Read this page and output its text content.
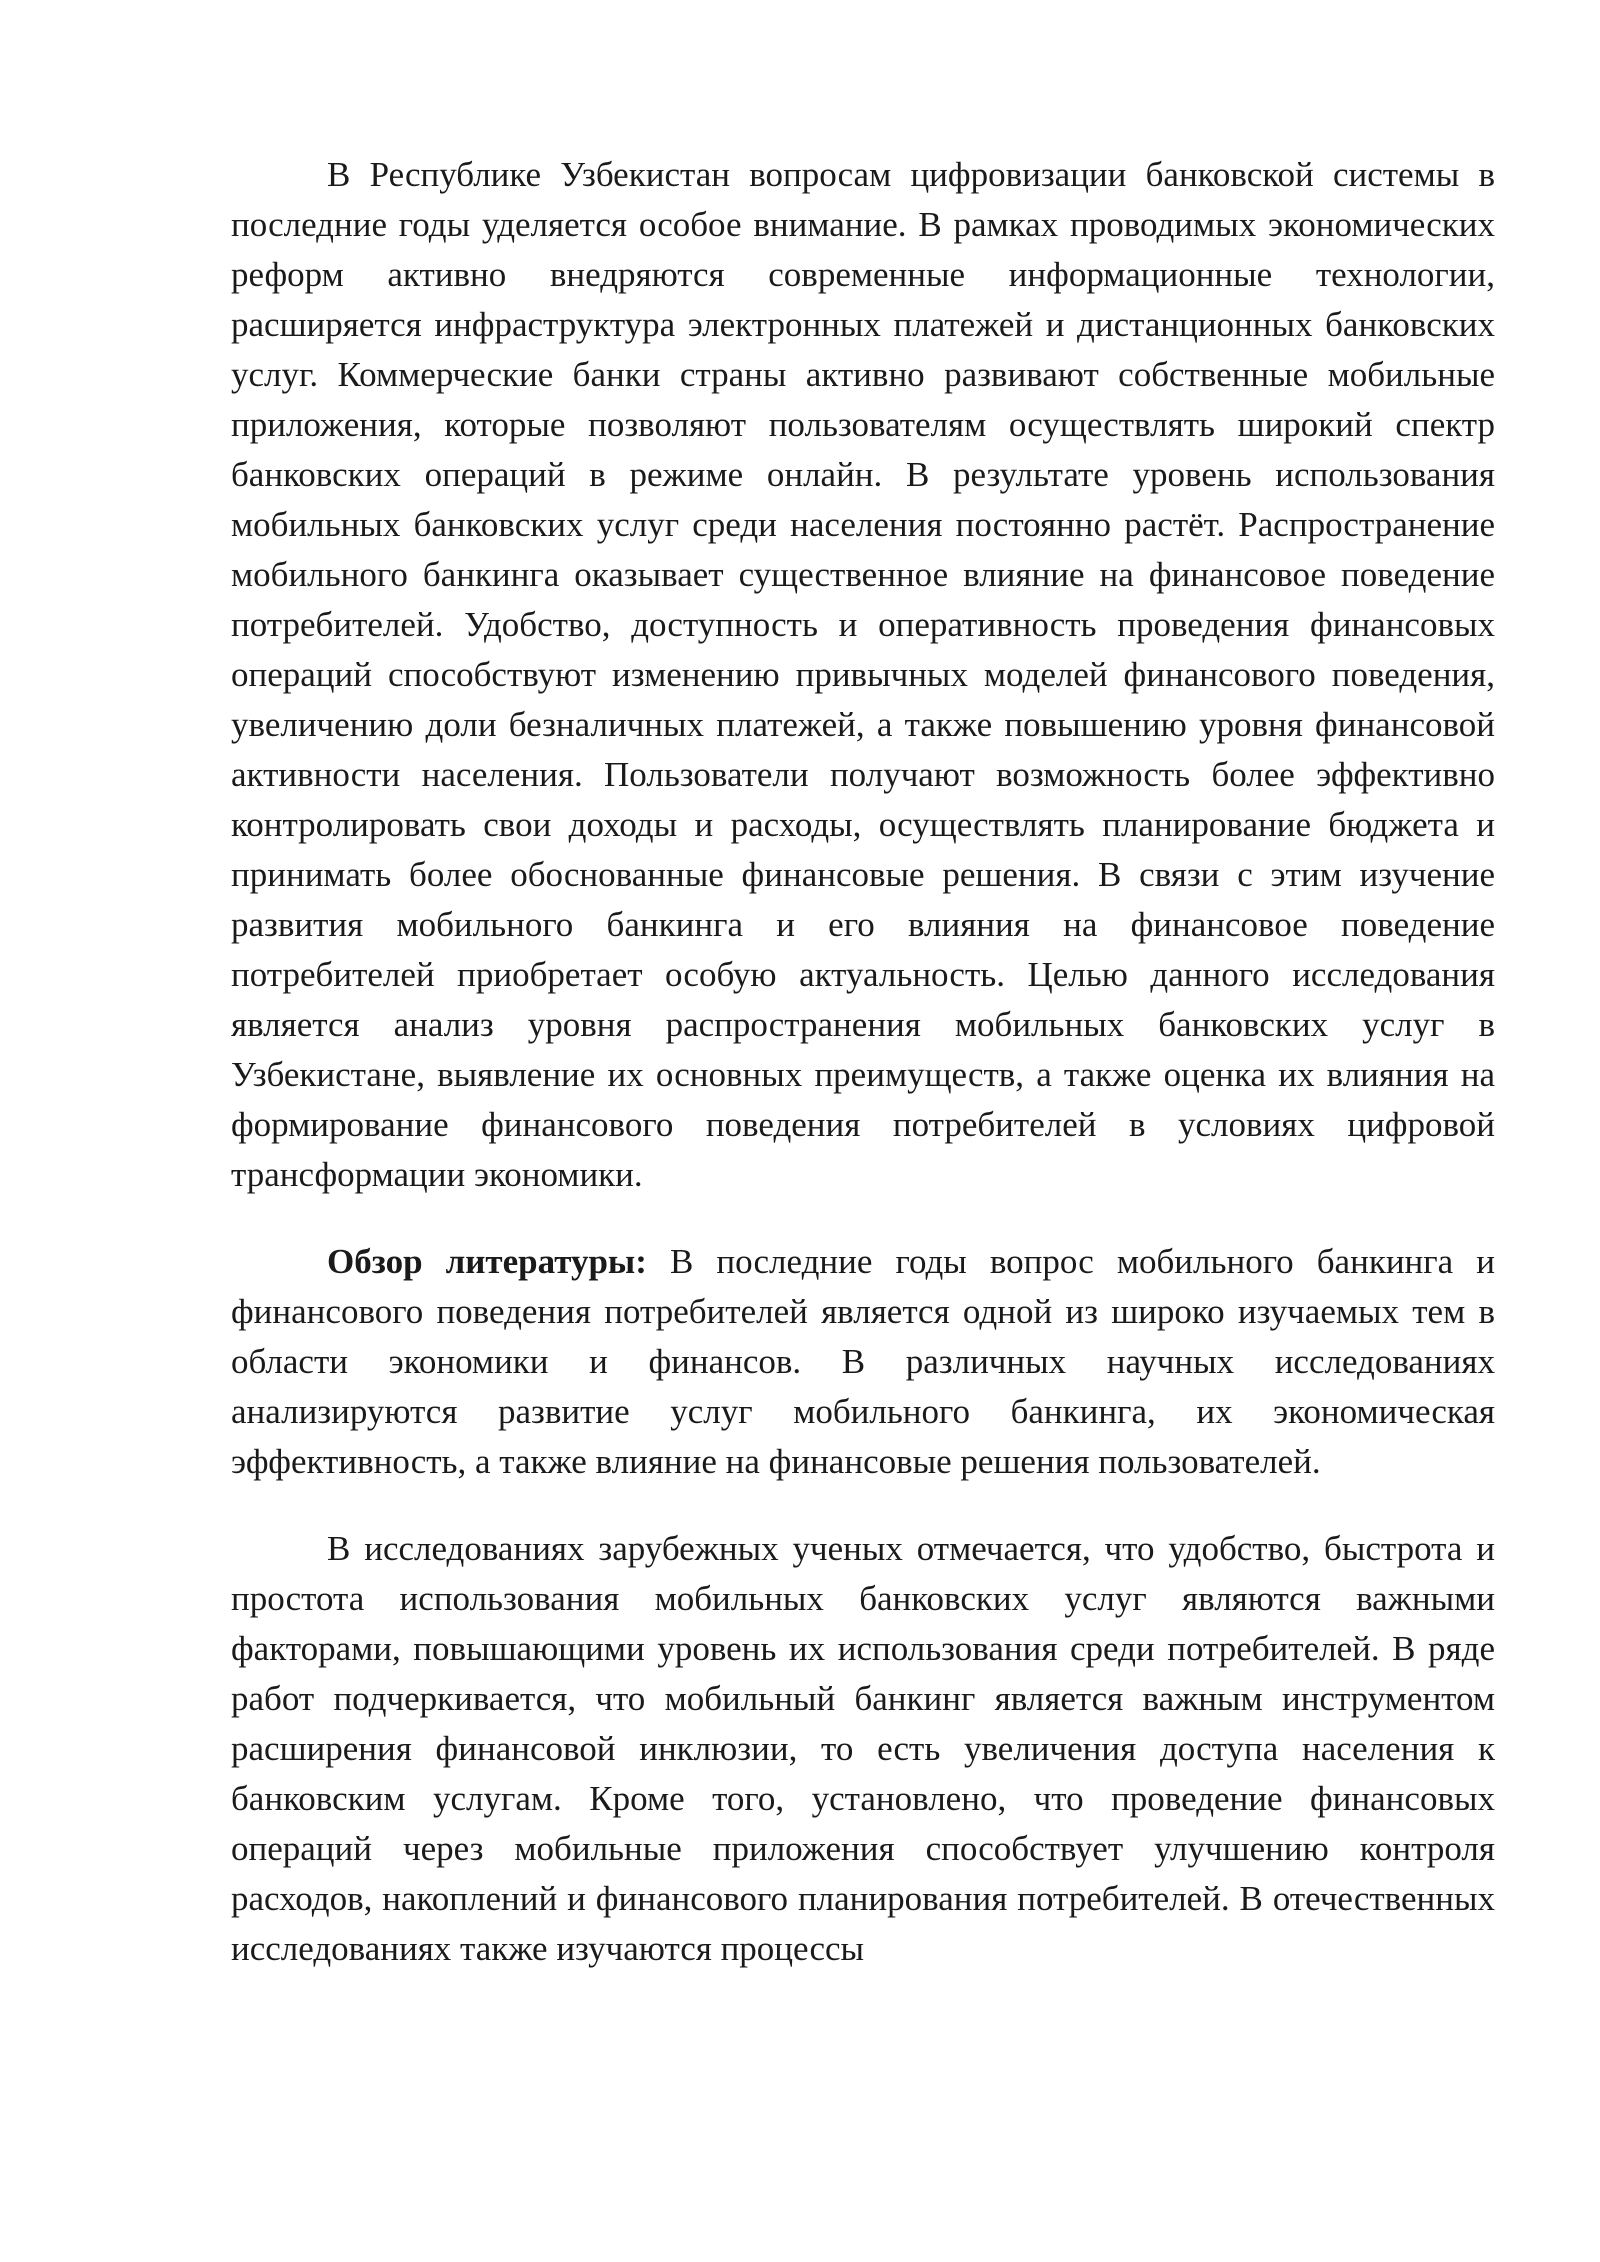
В Республике Узбекистан вопросам цифровизации банковской системы в последние годы уделяется особое внимание. В рамках проводимых экономических реформ активно внедряются современные информационные технологии, расширяется инфраструктура электронных платежей и дистанционных банковских услуг. Коммерческие банки страны активно развивают собственные мобильные приложения, которые позволяют пользователям осуществлять широкий спектр банковских операций в режиме онлайн. В результате уровень использования мобильных банковских услуг среди населения постоянно растёт. Распространение мобильного банкинга оказывает существенное влияние на финансовое поведение потребителей. Удобство, доступность и оперативность проведения финансовых операций способствуют изменению привычных моделей финансового поведения, увеличению доли безналичных платежей, а также повышению уровня финансовой активности населения. Пользователи получают возможность более эффективно контролировать свои доходы и расходы, осуществлять планирование бюджета и принимать более обоснованные финансовые решения. В связи с этим изучение развития мобильного банкинга и его влияния на финансовое поведение потребителей приобретает особую актуальность. Целью данного исследования является анализ уровня распространения мобильных банковских услуг в Узбекистане, выявление их основных преимуществ, а также оценка их влияния на формирование финансового поведения потребителей в условиях цифровой трансформации экономики.

Обзор литературы: В последние годы вопрос мобильного банкинга и финансового поведения потребителей является одной из широко изучаемых тем в области экономики и финансов. В различных научных исследованиях анализируются развитие услуг мобильного банкинга, их экономическая эффективность, а также влияние на финансовые решения пользователей.

В исследованиях зарубежных ученых отмечается, что удобство, быстрота и простота использования мобильных банковских услуг являются важными факторами, повышающими уровень их использования среди потребителей. В ряде работ подчеркивается, что мобильный банкинг является важным инструментом расширения финансовой инклюзии, то есть увеличения доступа населения к банковским услугам. Кроме того, установлено, что проведение финансовых операций через мобильные приложения способствует улучшению контроля расходов, накоплений и финансового планирования потребителей. В отечественных исследованиях также изучаются процессы
